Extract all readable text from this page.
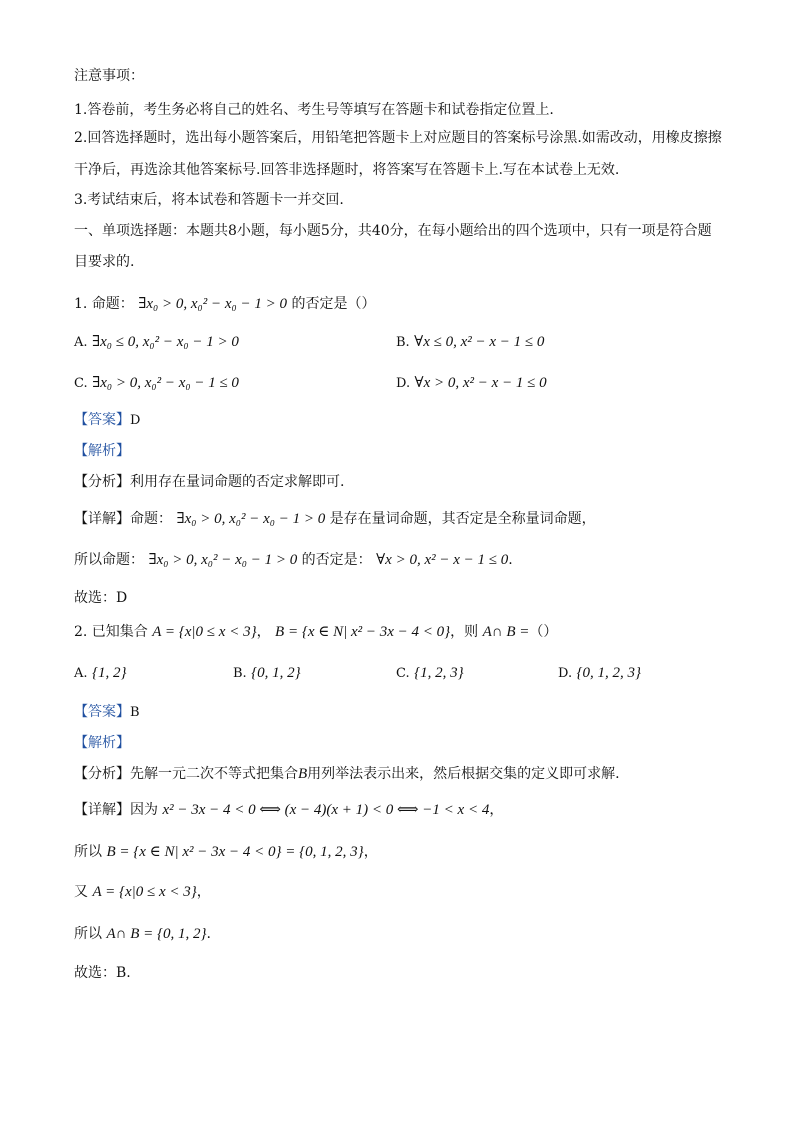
注意事项：
1.答卷前，考生务必将自己的姓名、考生号等填写在答题卡和试卷指定位置上.
2.回答选择题时，选出每小题答案后，用铅笔把答题卡上对应题目的答案标号涂黑.如需改动，用橡皮擦擦
干净后，再选涂其他答案标号.回答非选择题时，将答案写在答题卡上.写在本试卷上无效.
3.考试结束后，将本试卷和答题卡一并交回.
一、单项选择题：本题共8小题，每小题5分，共40分，在每小题给出的四个选项中，只有一项是符合题
目要求的.
1. 命题： ∃x₀ > 0, x₀² − x₀ − 1 > 0 的否定是（）
A. ∃x₀ ≤ 0, x₀² − x₀ − 1 > 0	B. ∀x ≤ 0, x² − x − 1 ≤ 0
C. ∃x₀ > 0, x₀² − x₀ − 1 ≤ 0	D. ∀x > 0, x² − x − 1 ≤ 0
【答案】D
【解析】
【分析】利用存在量词命题的否定求解即可.
【详解】命题： ∃x₀ > 0, x₀² − x₀ − 1 > 0 是存在量词命题，其否定是全称量词命题，
所以命题： ∃x₀ > 0, x₀² − x₀ − 1 > 0 的否定是： ∀x > 0, x² − x − 1 ≤ 0.
故选：D
2. 已知集合 A = {x|0 ≤ x < 3}， B = {x ∈ N| x² − 3x − 4 < 0}，则 A∩ B =（）
A. {1, 2}	B. {0, 1, 2}	C. {1, 2, 3}	D. {0, 1, 2, 3}
【答案】B
【解析】
【分析】先解一元二次不等式把集合B用列举法表示出来，然后根据交集的定义即可求解.
【详解】因为 x² − 3x − 4 < 0 ⟺ (x − 4)(x + 1) < 0 ⟺ −1 < x < 4，
所以 B = {x ∈ N| x² − 3x − 4 < 0} = {0, 1, 2, 3}，
又 A = {x|0 ≤ x < 3}，
所以 A∩ B = {0, 1, 2}.
故选：B.
